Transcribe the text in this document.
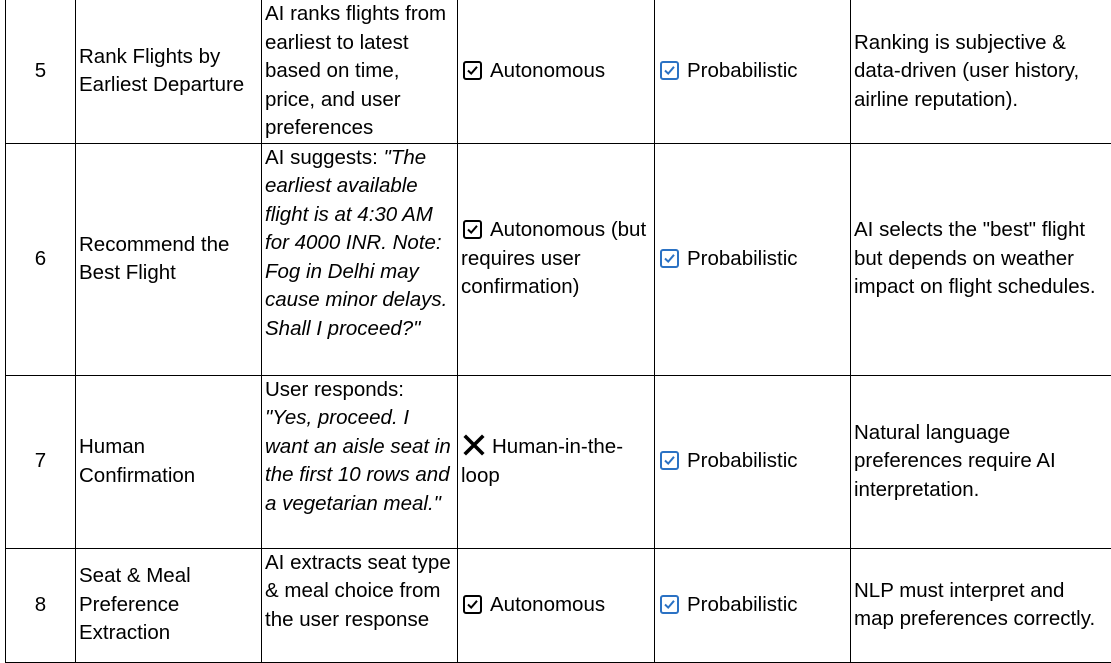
5	Rank Flights by Earliest Departure	AI ranks flights from earliest to latest based on time, price, and user preferences	Autonomous	Probabilistic	Ranking is subjective & data-driven (user history, airline reputation).
6	Recommend the Best Flight	AI suggests: "The earliest available flight is at 4:30 AM for 4000 INR. Note: Fog in Delhi may cause minor delays. Shall I proceed?"	Autonomous (but requires user confirmation)	Probabilistic	AI selects the "best" flight but depends on weather impact on flight schedules.
7	Human Confirmation	User responds: "Yes, proceed. I want an aisle seat in the first 10 rows and a vegetarian meal."	Human-in-the-loop	Probabilistic	Natural language preferences require AI interpretation.
8	Seat & Meal Preference Extraction	AI extracts seat type & meal choice from the user response	Autonomous	Probabilistic	NLP must interpret and map preferences correctly.
